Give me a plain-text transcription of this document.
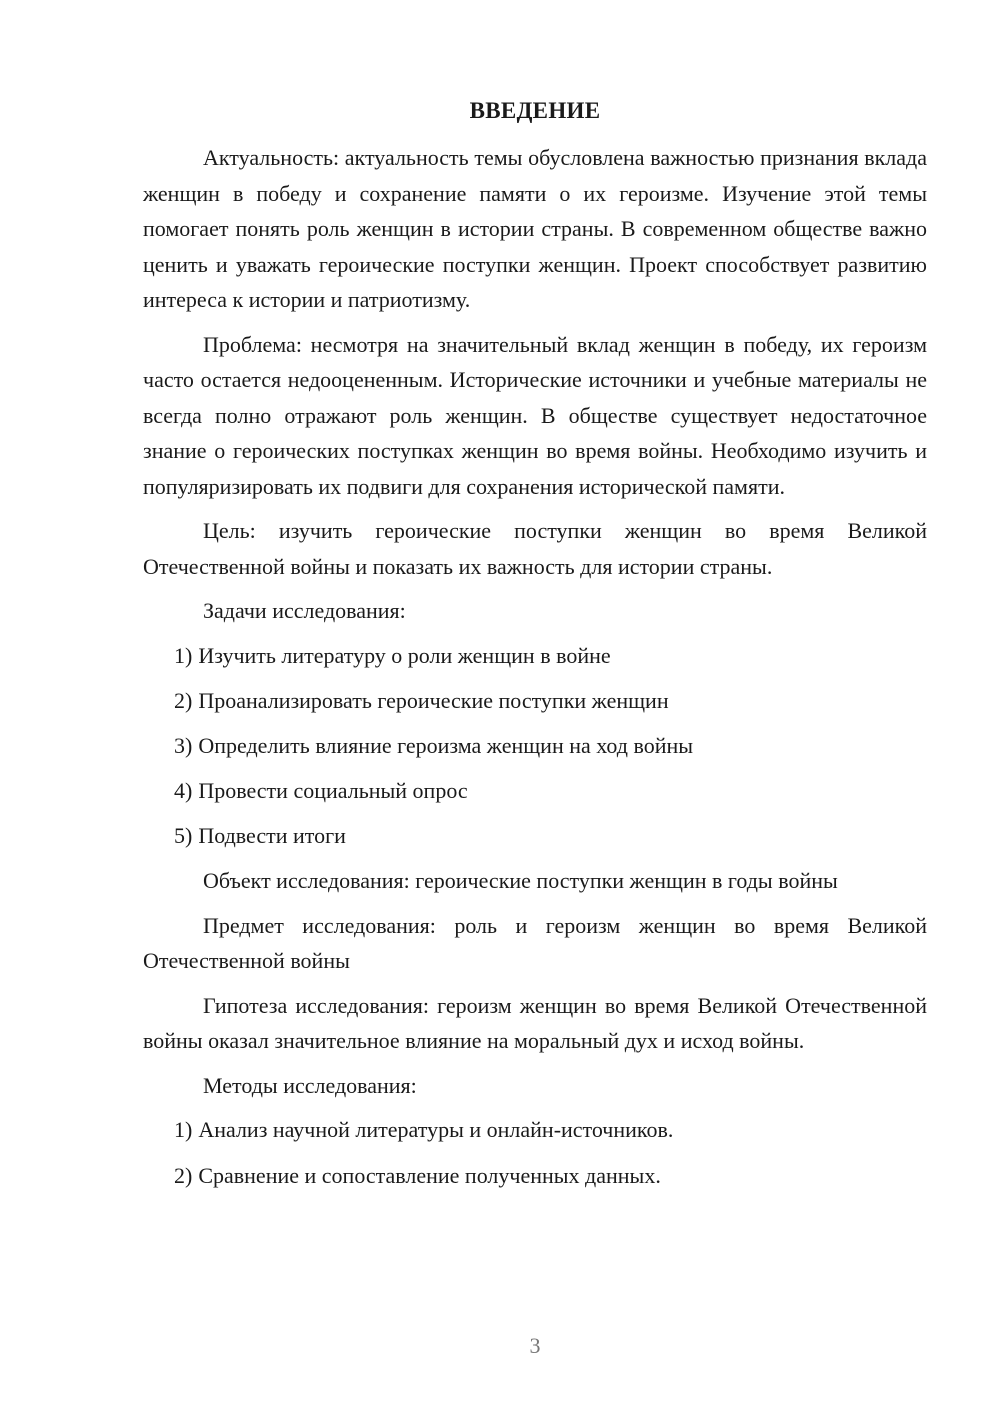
ВВЕДЕНИЕ

Актуальность: актуальность темы обусловлена важностью признания вклада женщин в победу и сохранение памяти о их героизме. Изучение этой темы помогает понять роль женщин в истории страны. В современном обществе важно ценить и уважать героические поступки женщин. Проект способствует развитию интереса к истории и патриотизму.

Проблема: несмотря на значительный вклад женщин в победу, их героизм часто остается недооцененным. Исторические источники и учебные материалы не всегда полно отражают роль женщин. В обществе существует недостаточное знание о героических поступках женщин во время войны. Необходимо изучить и популяризировать их подвиги для сохранения исторической памяти.

Цель: изучить героические поступки женщин во время Великой Отечественной войны и показать их важность для истории страны.

Задачи исследования:

1) Изучить литературу о роли женщин в войне
2) Проанализировать героические поступки женщин
3) Определить влияние героизма женщин на ход войны
4) Провести социальный опрос
5) Подвести итоги

Объект исследования: героические поступки женщин в годы войны

Предмет исследования: роль и героизм женщин во время Великой Отечественной войны

Гипотеза исследования: героизм женщин во время Великой Отечественной войны оказал значительное влияние на моральный дух и исход войны.

Методы исследования:

1) Анализ научной литературы и онлайн-источников.
2) Сравнение и сопоставление полученных данных.
3
